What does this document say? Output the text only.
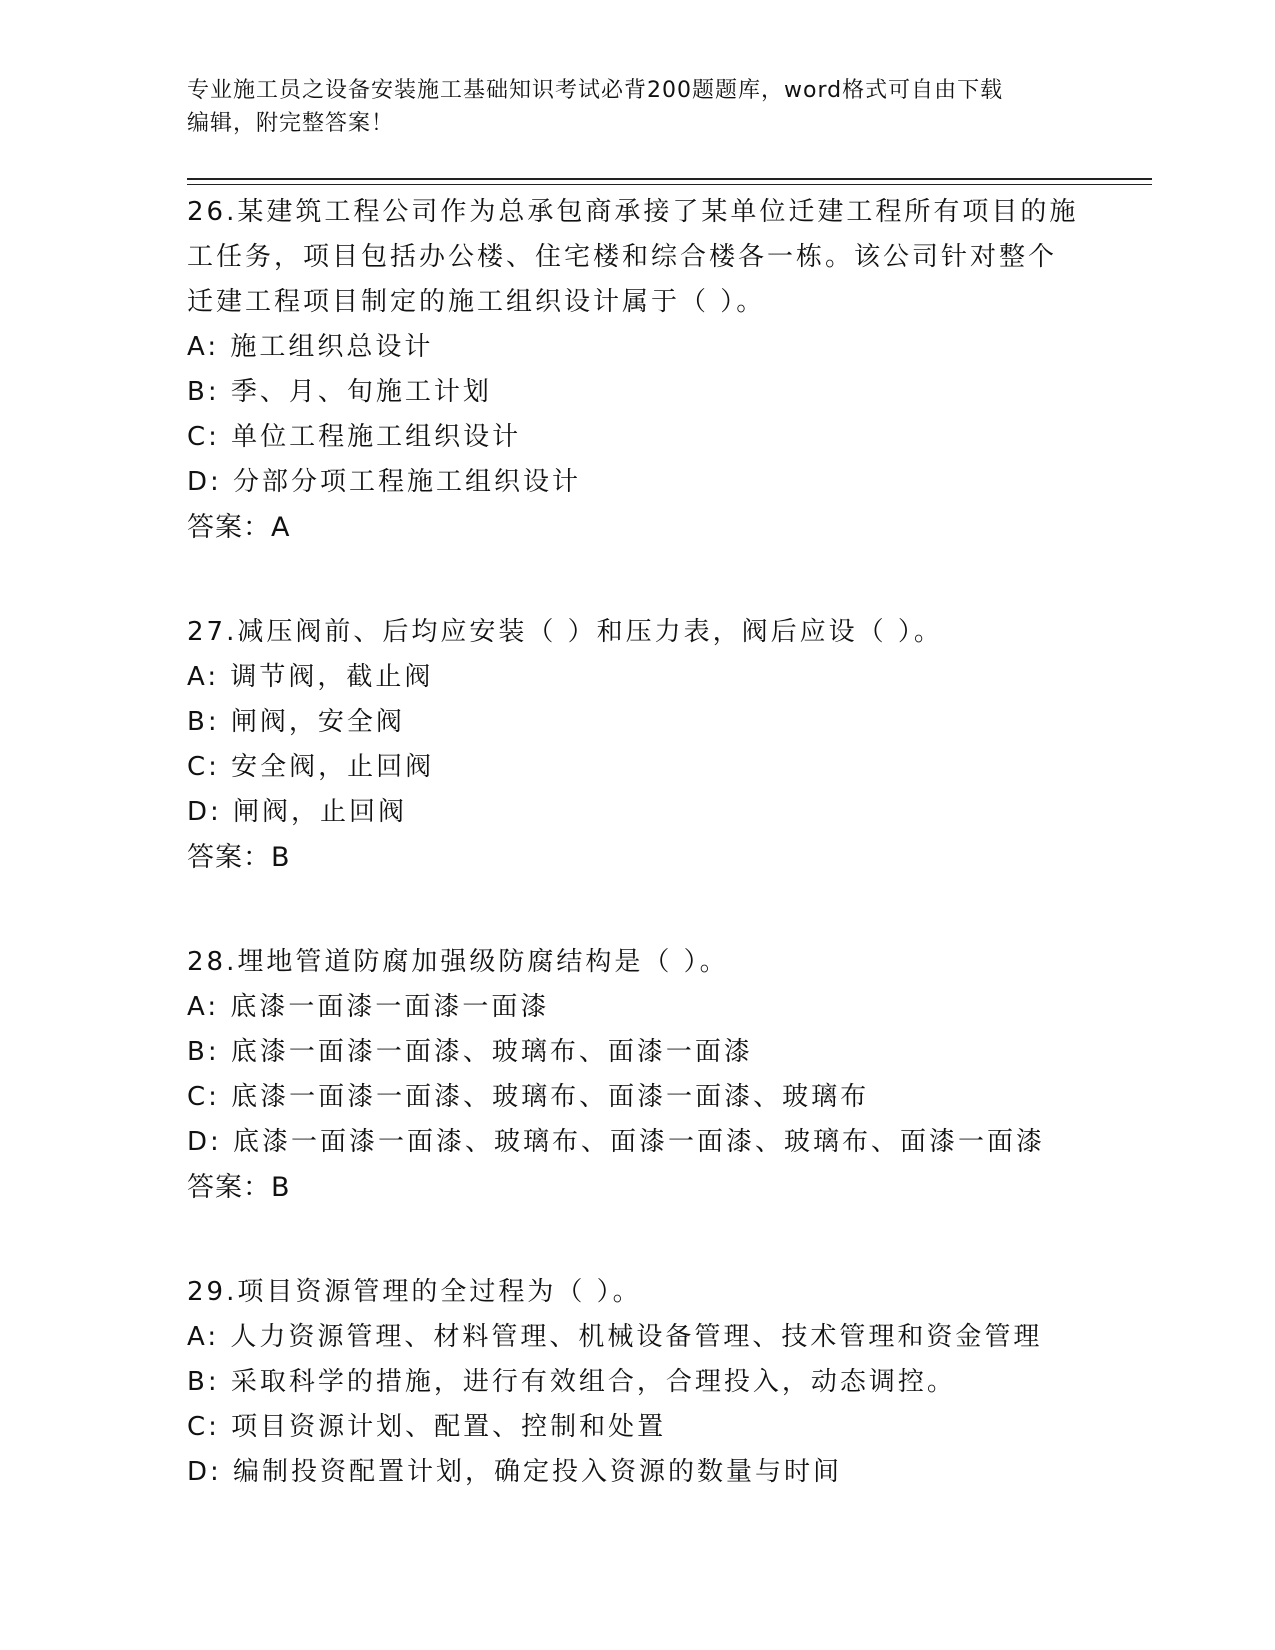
专业施工员之设备安装施工基础知识考试必背200题题库，word格式可自由下载
编辑，附完整答案！

26.某建筑工程公司作为总承包商承接了某单位迁建工程所有项目的施

工任务，项目包括办公楼、住宅楼和综合楼各一栋。该公司针对整个

迁建工程项目制定的施工组织设计属于（ ）。

A: 施工组织总设计

B: 季、月、旬施工计划

C: 单位工程施工组织设计

D: 分部分项工程施工组织设计

答案：A

27.减压阀前、后均应安装（ ）和压力表，阀后应设（ ）。

A: 调节阀，截止阀

B: 闸阀，安全阀

C: 安全阀，止回阀

D: 闸阀，止回阀

答案：B

28.埋地管道防腐加强级防腐结构是（ ）。

A: 底漆一面漆一面漆一面漆

B: 底漆一面漆一面漆、玻璃布、面漆一面漆

C: 底漆一面漆一面漆、玻璃布、面漆一面漆、玻璃布

D: 底漆一面漆一面漆、玻璃布、面漆一面漆、玻璃布、面漆一面漆

答案：B

29.项目资源管理的全过程为（ ）。

A: 人力资源管理、材料管理、机械设备管理、技术管理和资金管理

B: 采取科学的措施，进行有效组合，合理投入，动态调控。

C: 项目资源计划、配置、控制和处置

D: 编制投资配置计划，确定投入资源的数量与时间
